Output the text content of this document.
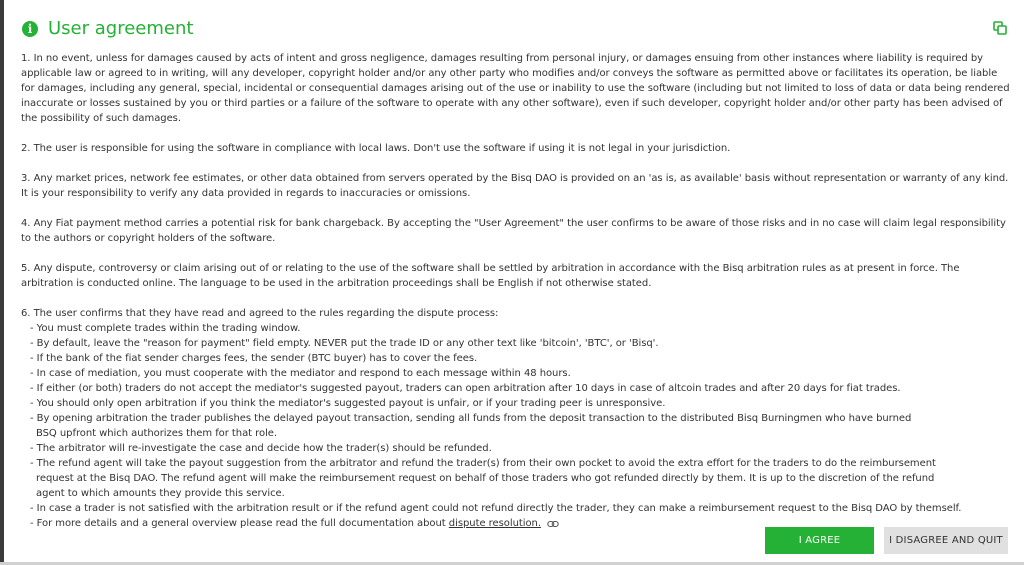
i User agreement

1. In no event, unless for damages caused by acts of intent and gross negligence, damages resulting from personal injury, or damages ensuing from other instances where liability is required by applicable law or agreed to in writing, will any developer, copyright holder and/or any other party who modifies and/or conveys the software as permitted above or facilitates its operation, be liable for damages, including any general, special, incidental or consequential damages arising out of the use or inability to use the software (including but not limited to loss of data or data being rendered inaccurate or losses sustained by you or third parties or a failure of the software to operate with any other software), even if such developer, copyright holder and/or other party has been advised of the possibility of such damages.

2. The user is responsible for using the software in compliance with local laws. Don't use the software if using it is not legal in your jurisdiction.

3. Any market prices, network fee estimates, or other data obtained from servers operated by the Bisq DAO is provided on an 'as is, as available' basis without representation or warranty of any kind. It is your responsibility to verify any data provided in regards to inaccuracies or omissions.

4. Any Fiat payment method carries a potential risk for bank chargeback. By accepting the "User Agreement" the user confirms to be aware of those risks and in no case will claim legal responsibility to the authors or copyright holders of the software.

5. Any dispute, controversy or claim arising out of or relating to the use of the software shall be settled by arbitration in accordance with the Bisq arbitration rules as at present in force. The arbitration is conducted online. The language to be used in the arbitration proceedings shall be English if not otherwise stated.

6. The user confirms that they have read and agreed to the rules regarding the dispute process:
- You must complete trades within the trading window.
- By default, leave the "reason for payment" field empty. NEVER put the trade ID or any other text like 'bitcoin', 'BTC', or 'Bisq'.
- If the bank of the fiat sender charges fees, the sender (BTC buyer) has to cover the fees.
- In case of mediation, you must cooperate with the mediator and respond to each message within 48 hours.
- If either (or both) traders do not accept the mediator's suggested payout, traders can open arbitration after 10 days in case of altcoin trades and after 20 days for fiat trades.
- You should only open arbitration if you think the mediator's suggested payout is unfair, or if your trading peer is unresponsive.
- By opening arbitration the trader publishes the delayed payout transaction, sending all funds from the deposit transaction to the distributed Bisq Burningmen who have burned BSQ upfront which authorizes them for that role.
- The arbitrator will re-investigate the case and decide how the trader(s) should be refunded.
- The refund agent will take the payout suggestion from the arbitrator and refund the trader(s) from their own pocket to avoid the extra effort for the traders to do the reimbursement request at the Bisq DAO. The refund agent will make the reimbursement request on behalf of those traders who got refunded directly by them. It is up to the discretion of the refund agent to which amounts they provide this service.
- In case a trader is not satisfied with the arbitration result or if the refund agent could not refund directly the trader, they can make a reimbursement request to the Bisq DAO by themself.
- For more details and a general overview please read the full documentation about dispute resolution.
I AGREE	I DISAGREE AND QUIT
